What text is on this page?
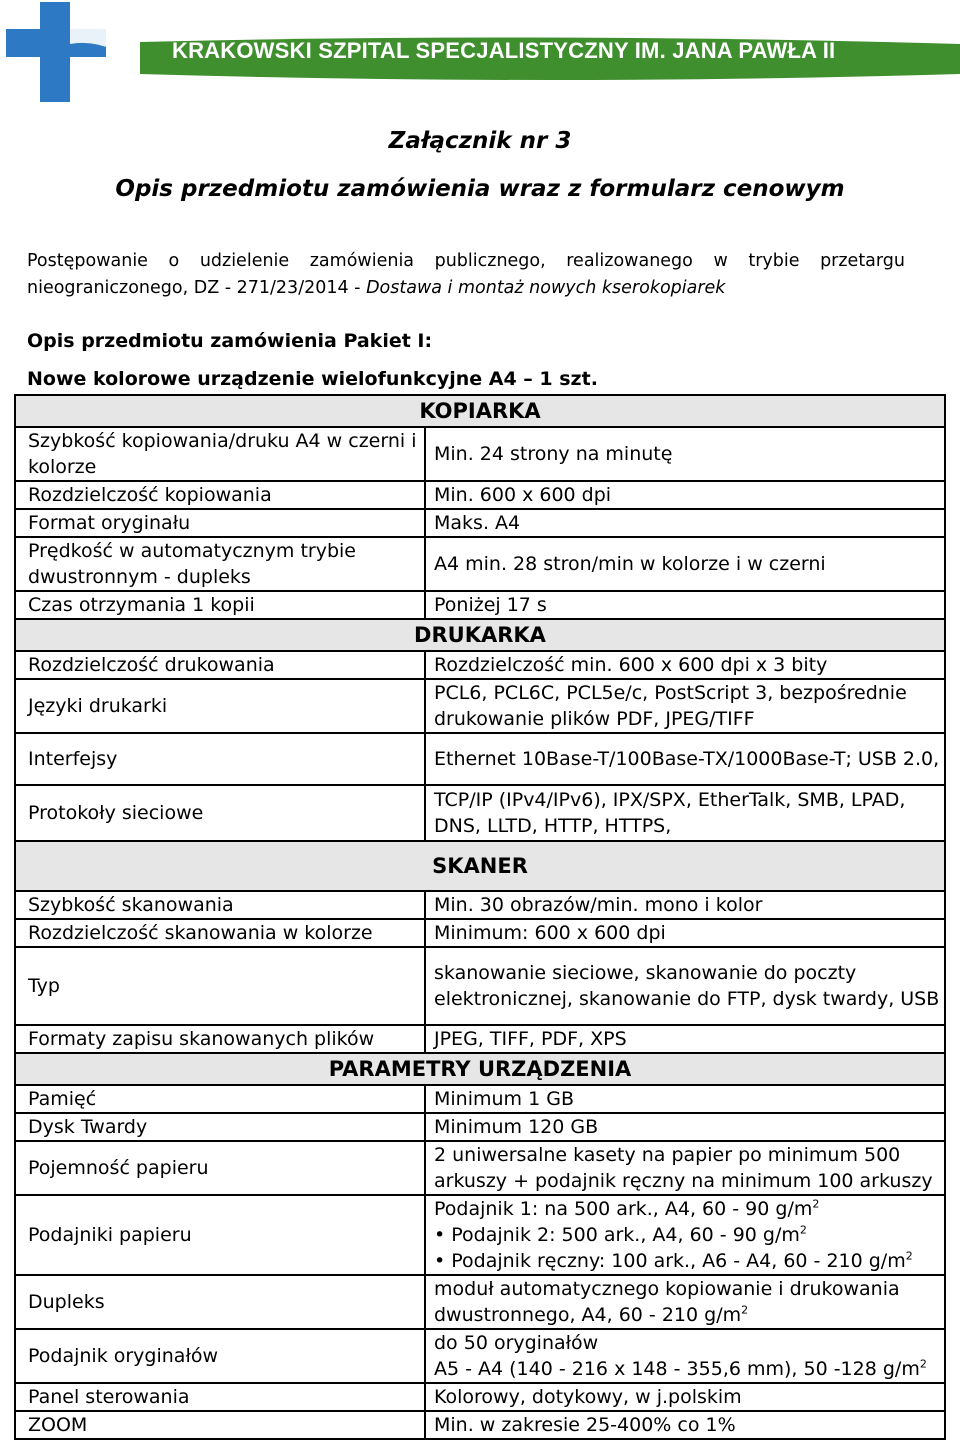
KRAKOWSKI SZPITAL SPECJALISTYCZNY IM. JANA PAWŁA II
Załącznik nr 3
Opis przedmiotu zamówienia wraz z formularz cenowym
Postępowanie o udzielenie zamówienia publicznego, realizowanego w trybie przetargu
nieograniczonego, DZ - 271/23/2014 - Dostawa i montaż nowych kserokopiarek
Opis przedmiotu zamówienia Pakiet I:
Nowe kolorowe urządzenie wielofunkcyjne A4 – 1 szt.
KOPIARKA	
Szybkość kopiowania/druku A4 w czerni i kolorze	Min. 24 strony na minutę
Rozdzielczość kopiowania	Min. 600 x 600 dpi
Format oryginału	Maks. A4
Prędkość w automatycznym trybie dwustronnym - dupleks	A4 min. 28 stron/min w kolorze i w czerni
Czas otrzymania 1 kopii	Poniżej 17 s
DRUKARKA	
Rozdzielczość drukowania	Rozdzielczość min. 600 x 600 dpi x 3 bity
Języki drukarki	PCL6, PCL6C, PCL5e/c, PostScript 3, bezpośrednie drukowanie plików PDF, JPEG/TIFF
Interfejsy	Ethernet 10Base-T/100Base-TX/1000Base-T; USB 2.0,
Protokoły sieciowe	TCP/IP (IPv4/IPv6), IPX/SPX, EtherTalk, SMB, LPAD, DNS, LLTD, HTTP, HTTPS,
SKANER	
Szybkość skanowania	Min. 30 obrazów/min. mono i kolor
Rozdzielczość skanowania w kolorze	Minimum: 600 x 600 dpi
Typ	skanowanie sieciowe, skanowanie do poczty elektronicznej, skanowanie do FTP, dysk twardy, USB
Formaty zapisu skanowanych plików	JPEG, TIFF, PDF, XPS
PARAMETRY URZĄDZENIA	
Pamięć	Minimum 1 GB
Dysk Twardy	Minimum 120 GB
Pojemność papieru	2 uniwersalne kasety na papier po minimum 500 arkuszy + podajnik ręczny na minimum 100 arkuszy
Podajniki papieru	Podajnik 1: na 500 ark., A4, 60 - 90 $g/m^2$
• Podajnik 2: 500 ark., A4, 60 - 90 $g/m^2$
• Podajnik ręczny: 100 ark., A6 - A4, 60 - 210 $g/m^2$

Dupleks	moduł automatycznego kopiowanie i drukowania
dwustronnego, A4, 60 - 210 $g/m^2$

Podajnik oryginałów	do 50 oryginałów
A5 - A4 (140 - 216 x 148 - 355,6 mm), 50 -128 $g/m^2$

Panel sterowania	Kolorowy, dotykowy, w j.polskim
ZOOM	Min. w zakresie 25-400% co 1%
